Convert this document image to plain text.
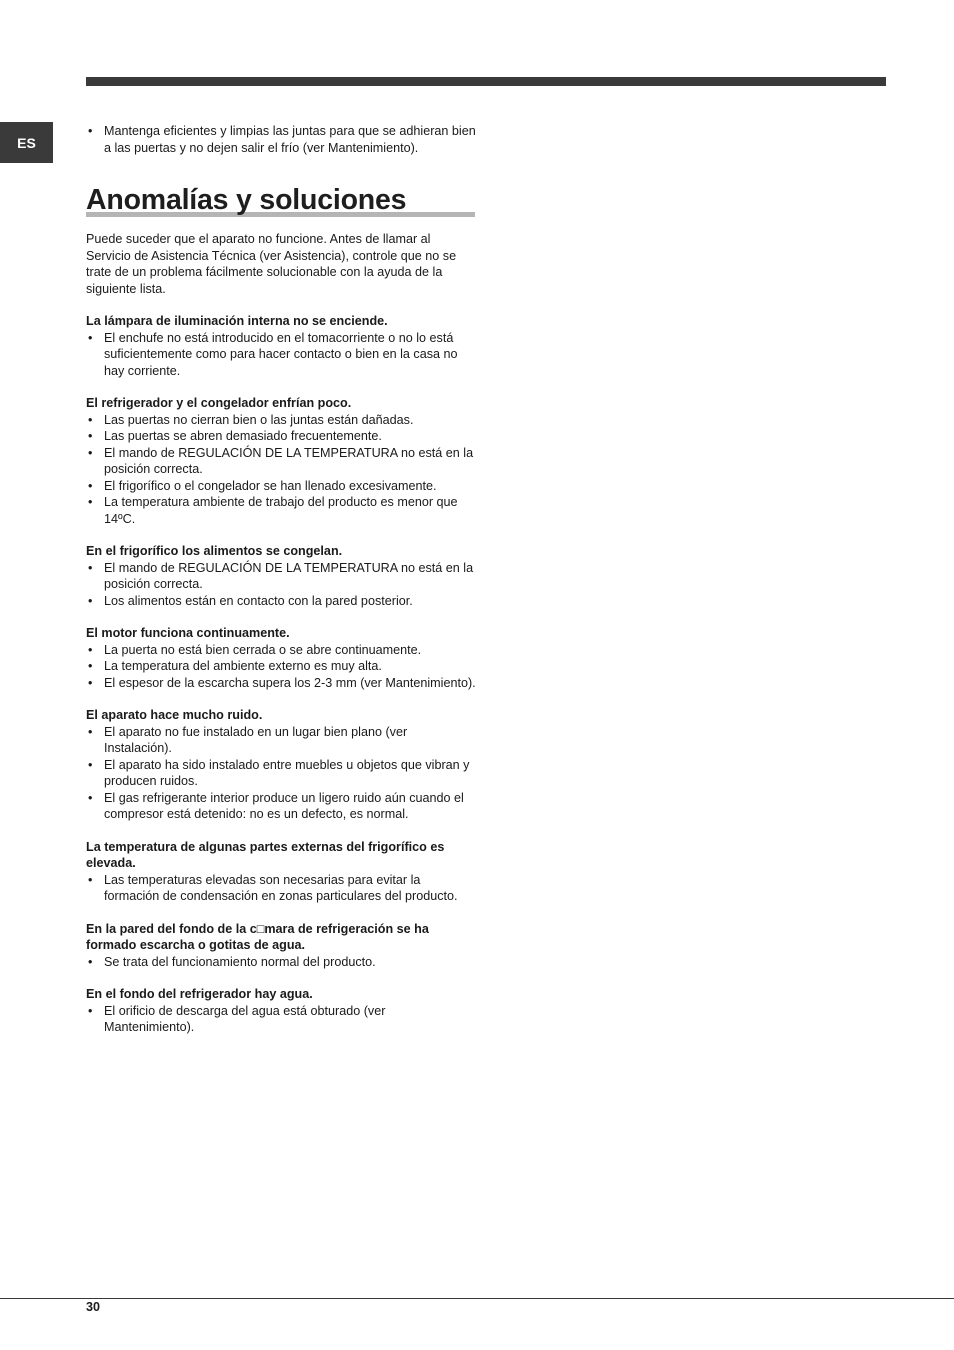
ES
• Mantenga eficientes y limpias las juntas para que se adhieran bien a las puertas y no dejen salir el frío (ver Mantenimiento).
Anomalías y soluciones

Puede suceder que el aparato no funcione. Antes de llamar al Servicio de Asistencia Técnica (ver Asistencia), controle que no se trate de un problema fácilmente solucionable con la ayuda de la siguiente lista.

La lámpara de iluminación interna no se enciende.

• El enchufe no está introducido en el tomacorriente o no lo está suficientemente como para hacer contacto o bien en la casa no hay corriente.

El refrigerador y el congelador enfrían poco.

• Las puertas no cierran bien o las juntas están dañadas.
• Las puertas se abren demasiado frecuentemente.
• El mando de REGULACIÓN DE LA TEMPERATURA no está en la posición correcta.
• El frigorífico o el congelador se han llenado excesivamente.
• La temperatura ambiente de trabajo del producto es menor que 14ºC.

En el frigorífico los alimentos se congelan.

• El mando de REGULACIÓN DE LA TEMPERATURA no está en la posición correcta.
• Los alimentos están en contacto con la pared posterior.

El motor funciona continuamente.

• La puerta no está bien cerrada o se abre continuamente.
• La temperatura del ambiente externo es muy alta.
• El espesor de la escarcha supera los 2-3 mm (ver Mantenimiento).

El aparato hace mucho ruido.

• El aparato no fue instalado en un lugar bien plano (ver Instalación).
• El aparato ha sido instalado entre muebles u objetos que vibran y producen ruidos.
• El gas refrigerante interior produce un ligero ruido aún cuando el compresor está detenido: no es un defecto, es normal.

La temperatura de algunas partes externas del frigorífico es elevada.

• Las temperaturas elevadas son necesarias para evitar la formación de condensación en zonas particulares del producto.

En la pared del fondo de la c□mara de refrigeración se ha formado escarcha o gotitas de agua.

• Se trata del funcionamiento normal del producto.

En el fondo del refrigerador hay agua.

• El orificio de descarga del agua está obturado (ver Mantenimiento).
30
